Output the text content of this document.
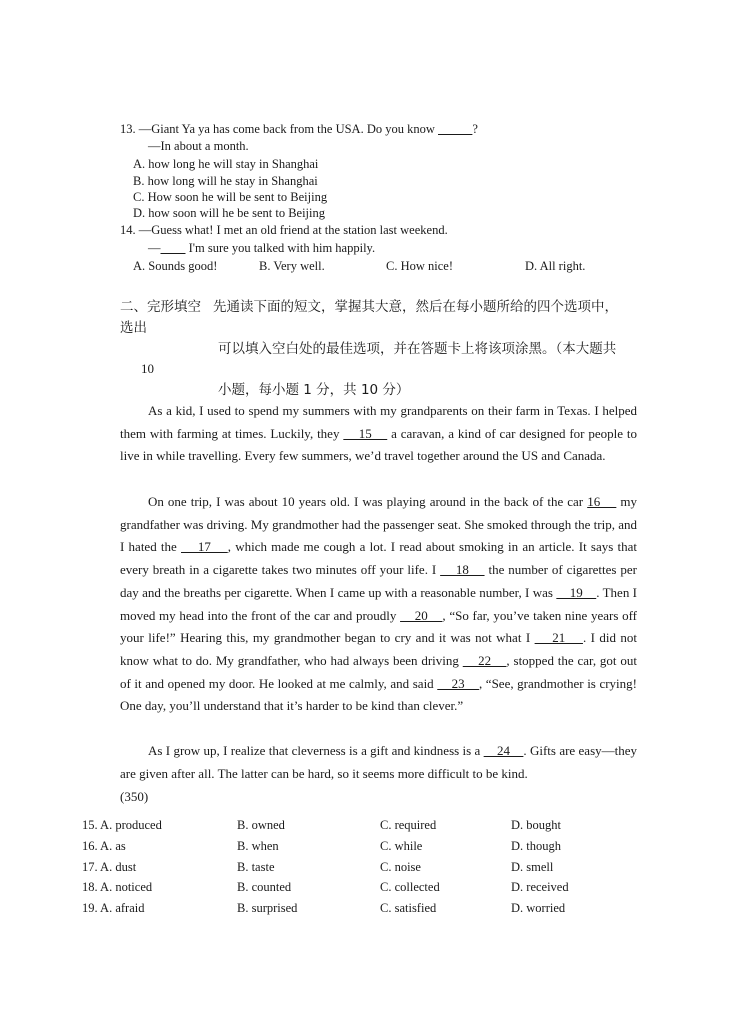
13. —Giant Ya ya has come back from the USA. Do you know	?
—In about a month.
A. how long he will stay in Shanghai
B. how long will he stay in Shanghai
C. How soon he will be sent to Beijing
D. how soon will he be sent to Beijing
14. —Guess what! I met an old friend at the station last weekend.
—         I'm sure you talked with him happily.
A. Sounds good!	B. Very well.	C. How nice!	D. All right.
二、完形填空 先通读下面的短文，掌握其大意，然后在每小题所给的四个选项中，
选出
可以填入空白处的最佳选项，并在答题卡上将该项涂黑。（本大题共
10
小题，每小题 1 分，共 10 分）
As a kid, I used to spend my summers with my grandparents on their farm in Texas. I helped them with farming at times. Luckily, they     15     a caravan, a kind of car designed for people to live in while travelling. Every few summers, we’d travel together around the US and Canada.
On one trip, I was about 10 years old. I was playing around in the back of the car 16     my grandfather was driving. My grandmother had the passenger seat. She smoked through the trip, and I hated the     17    , which made me cough a lot. I read about smoking in an article. It says that every breath in a cigarette takes two minutes off your life. I     18     the number of cigarettes per day and the breaths per cigarette. When I came up with a reasonable number, I was     19    . Then I moved my head into the front of the car and proudly     20    , “So far, you’ve taken nine years off your life!” Hearing this, my grandmother began to cry and it was not what I     21    . I did not know what to do. My grandfather, who had always been driving     22    , stopped the car, got out of it and opened my door. He looked at me calmly, and said     23    , “See, grandmother is crying! One day, you’ll understand that it’s harder to be kind than clever.”
As I grow up, I realize that cleverness is a gift and kindness is a     24    . Gifts are easy—they are given after all. The latter can be hard, so it seems more difficult to be kind.
(350)
15. A. produced	B. owned	C. required	D. bought
16. A. as	B. when	C. while	D. though
17. A. dust	B. taste	C. noise	D. smell
18. A. noticed	B. counted	C. collected	D. received
19. A. afraid	B. surprised	C. satisfied	D. worried
